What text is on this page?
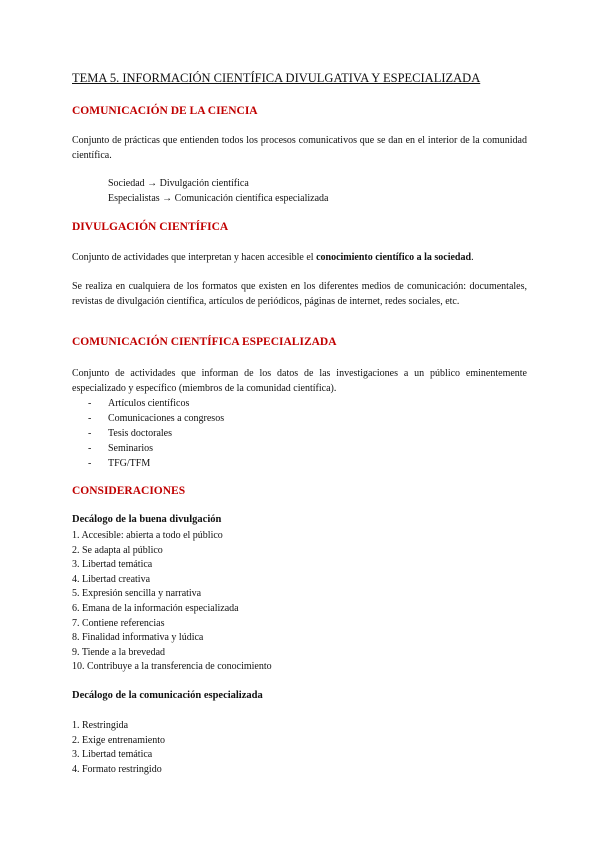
TEMA 5. INFORMACIÓN CIENTÍFICA DIVULGATIVA Y ESPECIALIZADA
COMUNICACIÓN DE LA CIENCIA
Conjunto de prácticas que entienden todos los procesos comunicativos que se dan en el interior de la comunidad científica.
Sociedad → Divulgación científica
Especialistas → Comunicación científica especializada
DIVULGACIÓN CIENTÍFICA
Conjunto de actividades que interpretan y hacen accesible el conocimiento científico a la sociedad.
Se realiza en cualquiera de los formatos que existen en los diferentes medios de comunicación: documentales, revistas de divulgación científica, artículos de periódicos, páginas de internet, redes sociales, etc.
COMUNICACIÓN CIENTÍFICA ESPECIALIZADA
Conjunto de actividades que informan de los datos de las investigaciones a un público eminentemente especializado y específico (miembros de la comunidad científica).
- Artículos científicos
- Comunicaciones a congresos
- Tesis doctorales
- Seminarios
- TFG/TFM
CONSIDERACIONES
Decálogo de la buena divulgación
1. Accesible: abierta a todo el público
2. Se adapta al público
3. Libertad temática
4. Libertad creativa
5. Expresión sencilla y narrativa
6. Emana de la información especializada
7. Contiene referencias
8. Finalidad informativa y lúdica
9. Tiende a la brevedad
10. Contribuye a la transferencia de conocimiento
Decálogo de la comunicación especializada
1. Restringida
2. Exige entrenamiento
3. Libertad temática
4. Formato restringido
